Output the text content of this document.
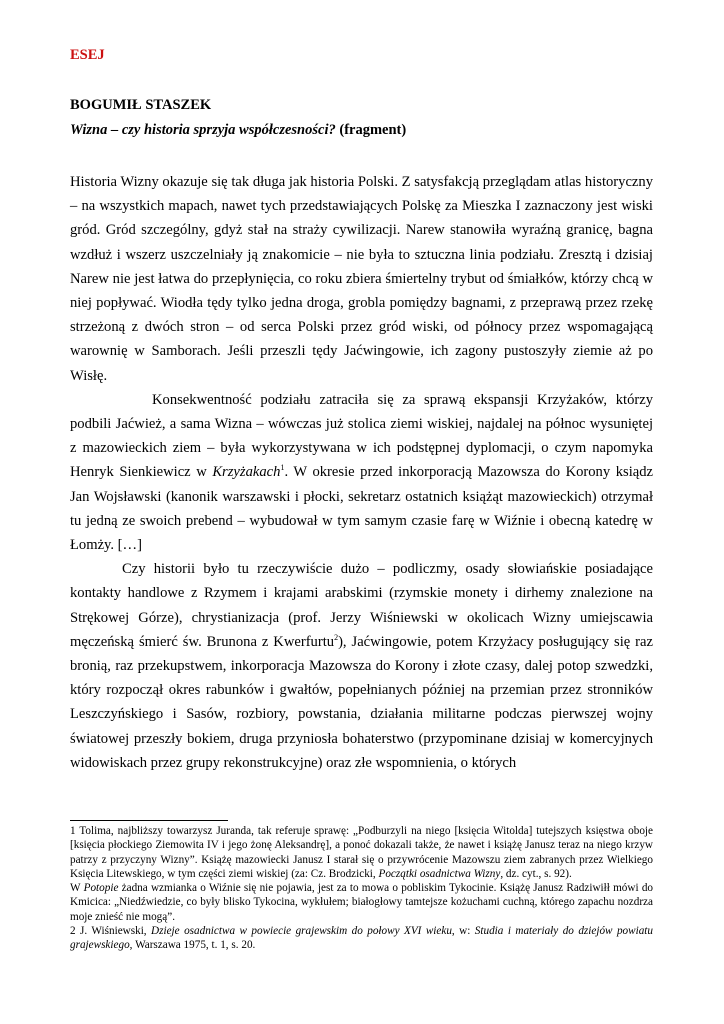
ESEJ
BOGUMIŁ STASZEK
Wizna – czy historia sprzyja współczesności? (fragment)

Historia Wizny okazuje się tak długa jak historia Polski. Z satysfakcją przeglądam atlas historyczny – na wszystkich mapach, nawet tych przedstawiających Polskę za Mieszka I zaznaczony jest wiski gród. Gród szczególny, gdyż stał na straży cywilizacji. Narew stanowiła wyraźną granicę, bagna wzdłuż i wszerz uszczelniały ją znakomicie – nie była to sztuczna linia podziału. Zresztą i dzisiaj Narew nie jest łatwa do przepłynięcia, co roku zbiera śmiertelny trybut od śmiałków, którzy chcą w niej popływać. Wiodła tędy tylko jedna droga, grobla pomiędzy bagnami, z przeprawą przez rzekę strzeżoną z dwóch stron – od serca Polski przez gród wiski, od północy przez wspomagającą warownię w Samborach. Jeśli przeszli tędy Jaćwingowie, ich zagony pustoszyły ziemie aż po Wisłę.

Konsekwentność podziału zatraciła się za sprawą ekspansji Krzyżaków, którzy podbili Jaćwież, a sama Wizna – wówczas już stolica ziemi wiskiej, najdalej na północ wysuniętej z mazowieckich ziem – była wykorzystywana w ich podstępnej dyplomacji, o czym napomyka Henryk Sienkiewicz w Krzyżakach$^1$. W okresie przed inkorporacją Mazowsza do Korony ksiądz Jan Wojsławski (kanonik warszawski i płocki, sekretarz ostatnich książąt mazowieckich) otrzymał tu jedną ze swoich prebend – wybudował w tym samym czasie farę w Wiźnie i obecną katedrę w Łomży. […]

Czy historii było tu rzeczywiście dużo – podliczmy, osady słowiańskie posiadające kontakty handlowe z Rzymem i krajami arabskimi (rzymskie monety i dirhemy znalezione na Strękowej Górze), chrystianizacja (prof. Jerzy Wiśniewski w okolicach Wizny umiejscawia męczeńską śmierć św. Brunona z Kwerfurtu$^2$), Jaćwingowie, potem Krzyżacy posługujący się raz bronią, raz przekupstwem, inkorporacja Mazowsza do Korony i złote czasy, dalej potop szwedzki, który rozpoczął okres rabunków i gwałtów, popełnianych później na przemian przez stronników Leszczyńskiego i Sasów, rozbiory, powstania, działania militarne podczas pierwszej wojny światowej przeszły bokiem, druga przyniosła bohaterstwo (przypominane dzisiaj w komercyjnych widowiskach przez grupy rekonstrukcyjne) oraz złe wspomnienia, o których

1 Tolima, najbliższy towarzysz Juranda, tak referuje sprawę: „Podburzyli na niego [księcia Witolda] tutejszych księstwa oboje [księcia płockiego Ziemowita IV i jego żonę Aleksandrę], a ponoć dokazali także, że nawet i książę Janusz teraz na niego krzyw patrzy z przyczyny Wizny”. Książę mazowiecki Janusz I starał się o przywrócenie Mazowszu ziem zabranych przez Wielkiego Księcia Litewskiego, w tym części ziemi wiskiej (za: Cz. Brodzicki, Początki osadnictwa Wizny, dz. cyt., s. 92).

W Potopie żadna wzmianka o Wiźnie się nie pojawia, jest za to mowa o pobliskim Tykocinie. Książę Janusz Radziwiłł mówi do Kmicica: „Niedźwiedzie, co były blisko Tykocina, wykłułem; białogłowy tamtejsze kożuchami cuchną, którego zapachu nozdrza moje znieść nie mogą”.

2 J. Wiśniewski, Dzieje osadnictwa w powiecie grajewskim do połowy XVI wieku, w: Studia i materiały do dziejów powiatu grajewskiego, Warszawa 1975, t. 1, s. 20.
